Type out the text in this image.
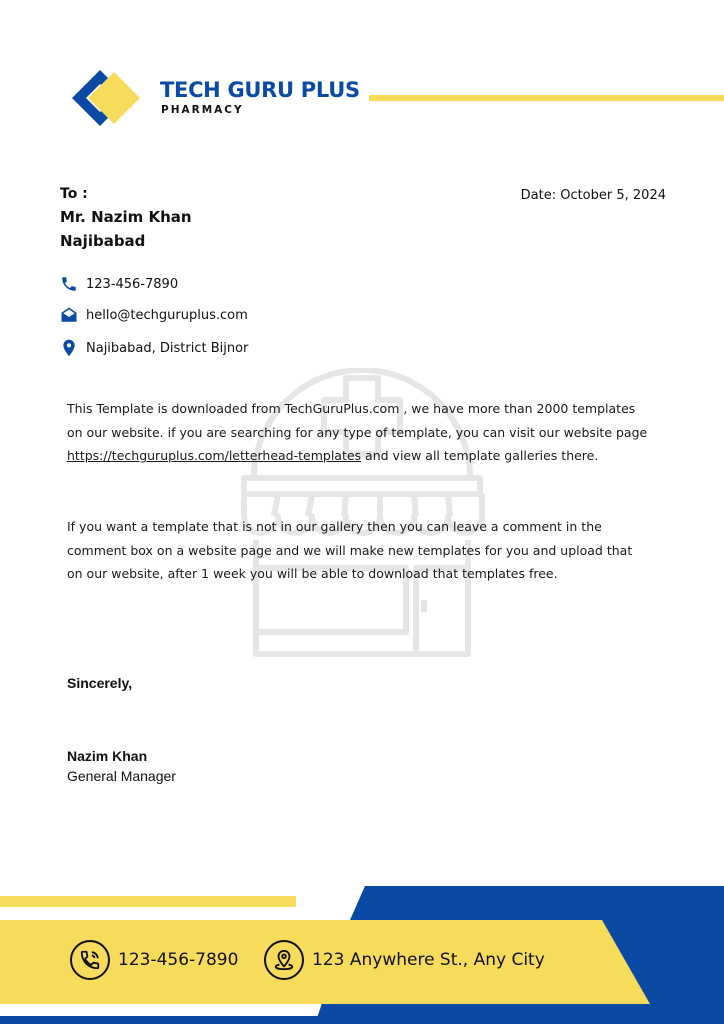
TECH GURU PLUS
PHARMACY
To :
Mr. Nazim Khan
Najibabad
Date: October 5, 2024
123-456-7890
hello@techguruplus.com
Najibabad, District Bijnor
This Template is downloaded from TechGuruPlus.com , we have more than 2000 templates on our website. if you are searching for any type of template, you can visit our website page https://techguruplus.com/letterhead-templates and view all template galleries there.
If you want a template that is not in our gallery then you can leave a comment in the comment box on a website page and we will make new templates for you and upload that on our website, after 1 week you will be able to download that templates free.
Sincerely,
Nazim Khan
General Manager
123-456-7890	123 Anywhere St., Any City
